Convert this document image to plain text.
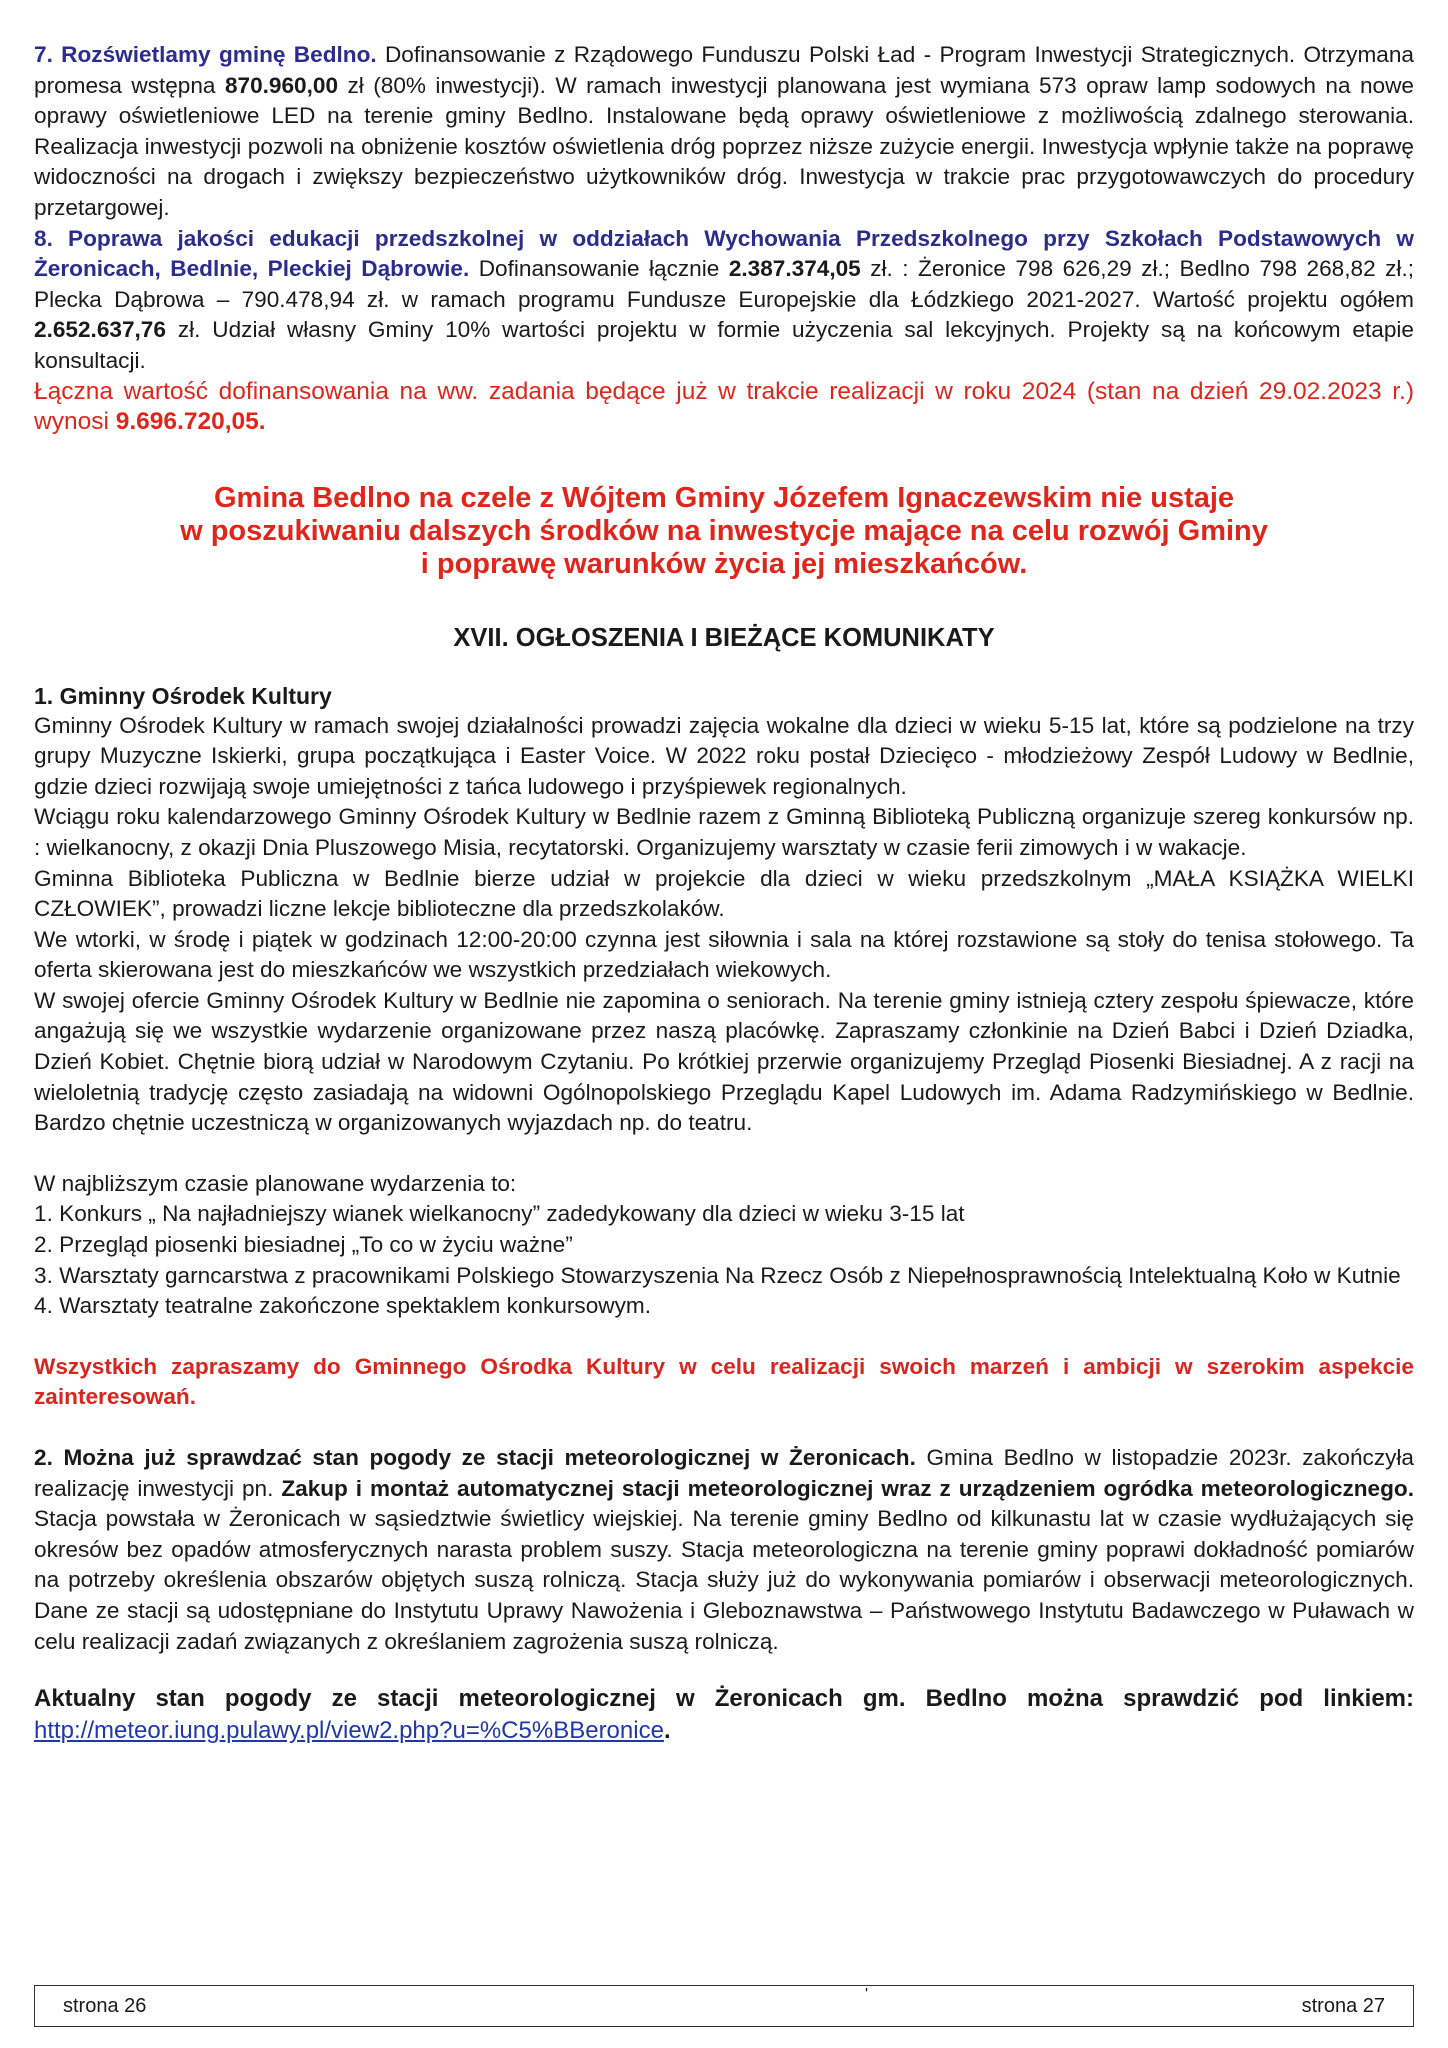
7. Rozświetlamy gminę Bedlno. Dofinansowanie z Rządowego Funduszu Polski Ład - Program Inwestycji Strategicznych. Otrzymana promesa wstępna 870.960,00 zł (80% inwestycji). W ramach inwestycji planowana jest wymiana 573 opraw lamp sodowych na nowe oprawy oświetleniowe LED na terenie gminy Bedlno. Instalowane będą oprawy oświetleniowe z możliwością zdalnego sterowania. Realizacja inwestycji pozwoli na obniżenie kosztów oświetlenia dróg poprzez niższe zużycie energii. Inwestycja wpłynie także na poprawę widoczności na drogach i zwiększy bezpieczeństwo użytkowników dróg. Inwestycja w trakcie prac przygotowawczych do procedury przetargowej.

8. Poprawa jakości edukacji przedszkolnej w oddziałach Wychowania Przedszkolnego przy Szkołach Podstawowych w Żeronicach, Bedlnie, Pleckiej Dąbrowie. Dofinansowanie łącznie 2.387.374,05 zł. : Żeronice 798 626,29 zł.; Bedlno 798 268,82 zł.; Plecka Dąbrowa – 790.478,94 zł. w ramach programu Fundusze Europejskie dla Łódzkiego 2021-2027. Wartość projektu ogółem 2.652.637,76 zł. Udział własny Gminy 10% wartości projektu w formie użyczenia sal lekcyjnych. Projekty są na końcowym etapie konsultacji.

Łączna wartość dofinansowania na ww. zadania będące już w trakcie realizacji w roku 2024 (stan na dzień 29.02.2023 r.) wynosi 9.696.720,05.

Gmina Bedlno na czele z Wójtem Gminy Józefem Ignaczewskim nie ustaje
w poszukiwaniu dalszych środków na inwestycje mające na celu rozwój Gminy
i poprawę warunków życia jej mieszkańców.
XVII. OGŁOSZENIA I BIEŻĄCE KOMUNIKATY
1. Gminny Ośrodek Kultury

Gminny Ośrodek Kultury w ramach swojej działalności prowadzi zajęcia wokalne dla dzieci w wieku 5-15 lat, które są podzielone na trzy grupy Muzyczne Iskierki, grupa początkująca i Easter Voice. W 2022 roku postał Dziecięco - młodzieżowy Zespół Ludowy w Bedlnie, gdzie dzieci rozwijają swoje umiejętności z tańca ludowego i przyśpiewek regionalnych.

Wciągu roku kalendarzowego Gminny Ośrodek Kultury w Bedlnie razem z Gminną Biblioteką Publiczną organizuje szereg konkursów np. : wielkanocny, z okazji Dnia Pluszowego Misia, recytatorski. Organizujemy warsztaty w czasie ferii zimowych i w wakacje.

Gminna Biblioteka Publiczna w Bedlnie bierze udział w projekcie dla dzieci w wieku przedszkolnym „MAŁA KSIĄŻKA WIELKI CZŁOWIEK”, prowadzi liczne lekcje biblioteczne dla przedszkolaków.

We wtorki, w środę i piątek w godzinach 12:00-20:00 czynna jest siłownia i sala na której rozstawione są stoły do tenisa stołowego. Ta oferta skierowana jest do mieszkańców we wszystkich przedziałach wiekowych.

W swojej ofercie Gminny Ośrodek Kultury w Bedlnie nie zapomina o seniorach. Na terenie gminy istnieją cztery zespołu śpiewacze, które angażują się we wszystkie wydarzenie organizowane przez naszą placówkę. Zapraszamy członkinie na Dzień Babci i Dzień Dziadka, Dzień Kobiet. Chętnie biorą udział w Narodowym Czytaniu. Po krótkiej przerwie organizujemy Przegląd Piosenki Biesiadnej. A z racji na wieloletnią tradycję często zasiadają na widowni Ogólnopolskiego Przeglądu Kapel Ludowych im. Adama Radzymińskiego w Bedlnie. Bardzo chętnie uczestniczą w organizowanych wyjazdach np. do teatru.

W najbliższym czasie planowane wydarzenia to:

1. Konkurs „ Na najładniejszy wianek wielkanocny” zadedykowany dla dzieci w wieku 3-15 lat

2. Przegląd piosenki biesiadnej „To co w życiu ważne”

3. Warsztaty garncarstwa z pracownikami Polskiego Stowarzyszenia Na Rzecz Osób z Niepełnosprawnością Intelektualną Koło w Kutnie

4. Warsztaty teatralne zakończone spektaklem konkursowym.

Wszystkich zapraszamy do Gminnego Ośrodka Kultury w celu realizacji swoich marzeń i ambicji w szerokim aspekcie zainteresowań.

2. Można już sprawdzać stan pogody ze stacji meteorologicznej w Żeronicach. Gmina Bedlno w listopadzie 2023r. zakończyła realizację inwestycji pn. Zakup i montaż automatycznej stacji meteorologicznej wraz z urządzeniem ogródka meteorologicznego. Stacja powstała w Żeronicach w sąsiedztwie świetlicy wiejskiej. Na terenie gminy Bedlno od kilkunastu lat w czasie wydłużających się okresów bez opadów atmosferycznych narasta problem suszy. Stacja meteorologiczna na terenie gminy poprawi dokładność pomiarów na potrzeby określenia obszarów objętych suszą rolniczą. Stacja służy już do wykonywania pomiarów i obserwacji meteorologicznych. Dane ze stacji są udostępniane do Instytutu Uprawy Nawożenia i Gleboznawstwa – Państwowego Instytutu Badawczego w Puławach w celu realizacji zadań związanych z określaniem zagrożenia suszą rolniczą.

Aktualny stan pogody ze stacji meteorologicznej w Żeronicach gm. Bedlno można sprawdzić pod linkiem: http://meteor.iung.pulawy.pl/view2.php?u=%C5%BBeronice.

strona 26
'
strona 27
